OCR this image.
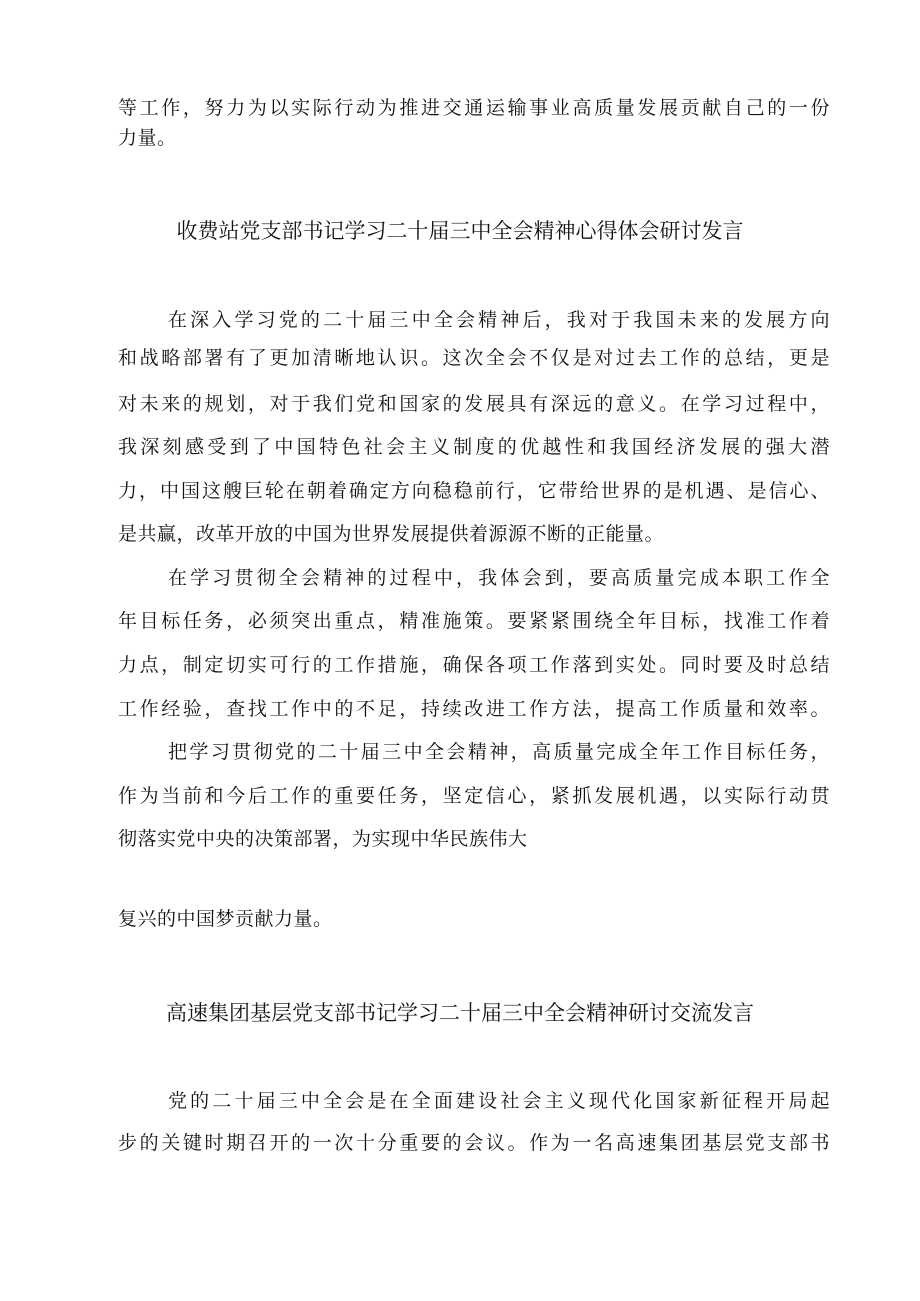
等工作，努力为以实际行动为推进交通运输事业高质量发展贡献自己的一份
力量。
收费站党支部书记学习二十届三中全会精神心得体会研讨发言
在深入学习党的二十届三中全会精神后，我对于我国未来的发展方向
和战略部署有了更加清晰地认识。这次全会不仅是对过去工作的总结，更是
对未来的规划，对于我们党和国家的发展具有深远的意义。在学习过程中，
我深刻感受到了中国特色社会主义制度的优越性和我国经济发展的强大潜
力，中国这艘巨轮在朝着确定方向稳稳前行，它带给世界的是机遇、是信心、
是共赢，改革开放的中国为世界发展提供着源源不断的正能量。
在学习贯彻全会精神的过程中，我体会到，要高质量完成本职工作全
年目标任务，必须突出重点，精准施策。要紧紧围绕全年目标，找准工作着
力点，制定切实可行的工作措施，确保各项工作落到实处。同时要及时总结
工作经验，查找工作中的不足，持续改进工作方法，提高工作质量和效率。
把学习贯彻党的二十届三中全会精神，高质量完成全年工作目标任务，
作为当前和今后工作的重要任务，坚定信心，紧抓发展机遇，以实际行动贯
彻落实党中央的决策部署，为实现中华民族伟大
复兴的中国梦贡献力量。
高速集团基层党支部书记学习二十届三中全会精神研讨交流发言
党的二十届三中全会是在全面建设社会主义现代化国家新征程开局起
步的关键时期召开的一次十分重要的会议。作为一名高速集团基层党支部书
